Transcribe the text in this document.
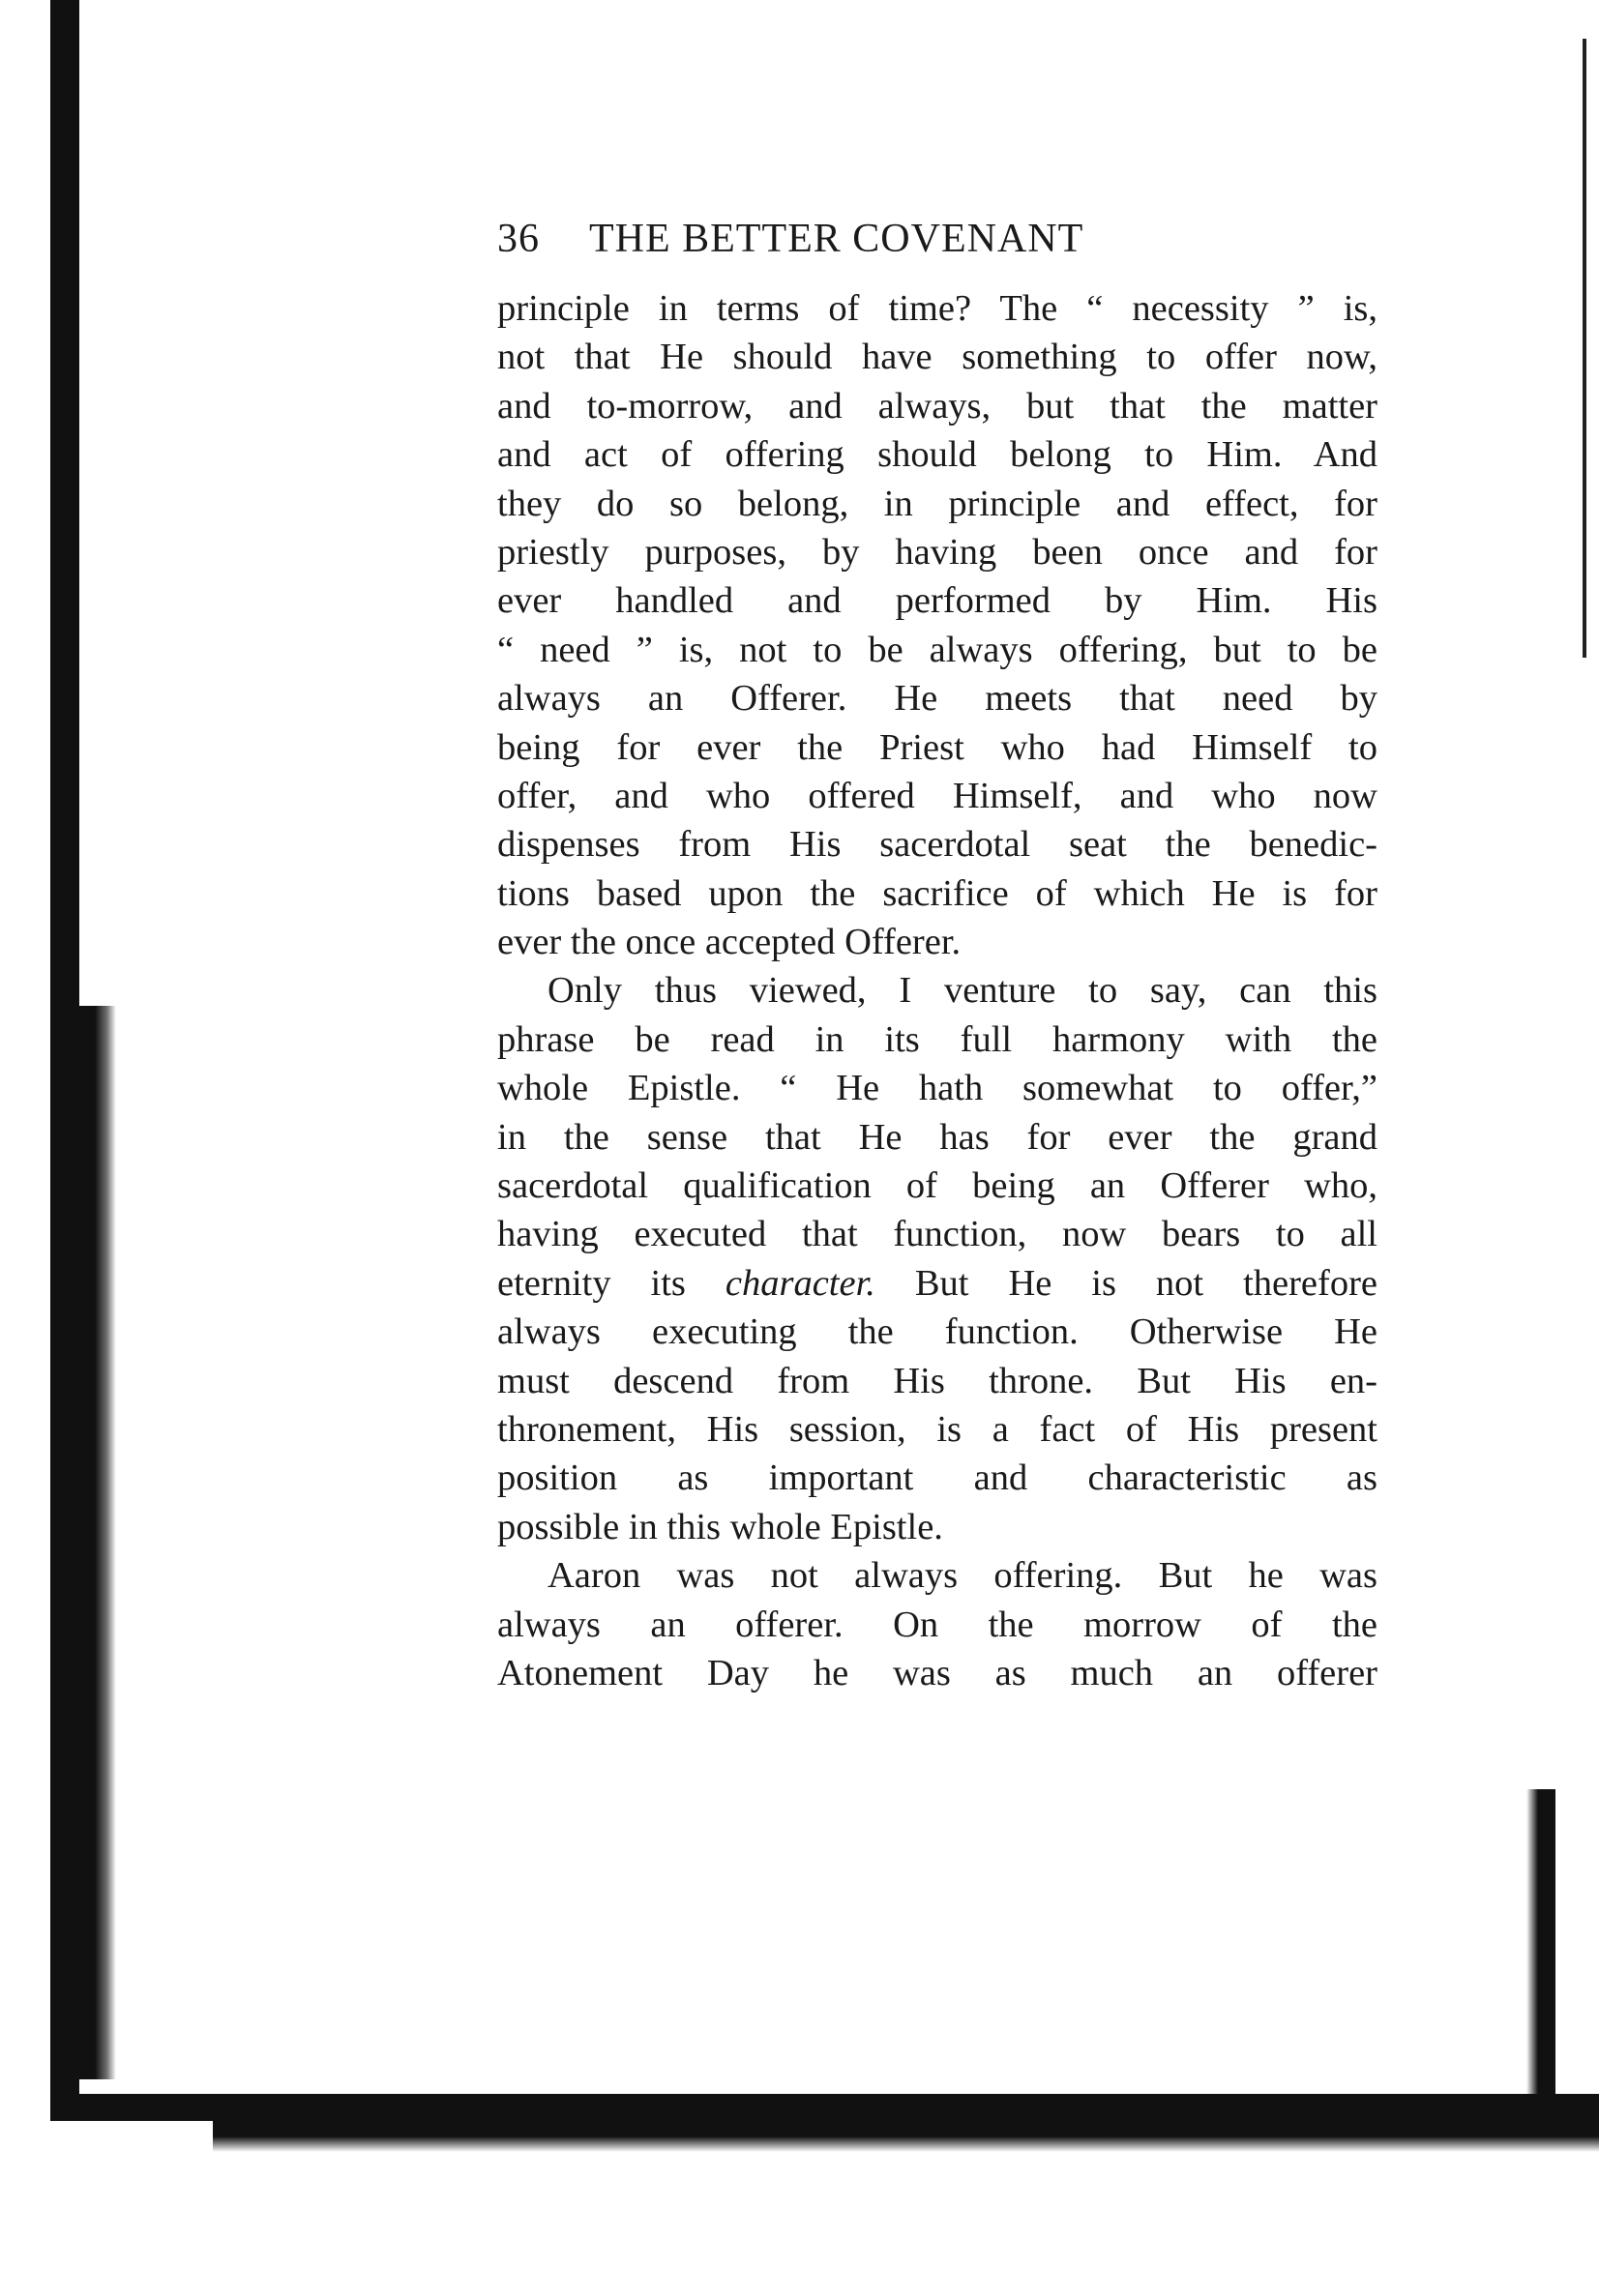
36 THE BETTER COVENANT
principle in terms of time? The “ necessity ” is,
not that He should have something to offer now,
and to-morrow, and always, but that the matter
and act of offering should belong to Him. And
they do so belong, in principle and effect, for
priestly purposes, by having been once and for
ever handled and performed by Him. His
“ need ” is, not to be always offering, but to be
always an Offerer. He meets that need by
being for ever the Priest who had Himself to
offer, and who offered Himself, and who now
dispenses from His sacerdotal seat the benedic-
tions based upon the sacrifice of which He is for
ever the once accepted Offerer.
Only thus viewed, I venture to say, can this
phrase be read in its full harmony with the
whole Epistle. “ He hath somewhat to offer,”
in the sense that He has for ever the grand
sacerdotal qualification of being an Offerer who,
having executed that function, now bears to all
eternity its character. But He is not therefore
always executing the function. Otherwise He
must descend from His throne. But His en-
thronement, His session, is a fact of His present
position as important and characteristic as
possible in this whole Epistle.
Aaron was not always offering. But he was
always an offerer. On the morrow of the
Atonement Day he was as much an offerer
